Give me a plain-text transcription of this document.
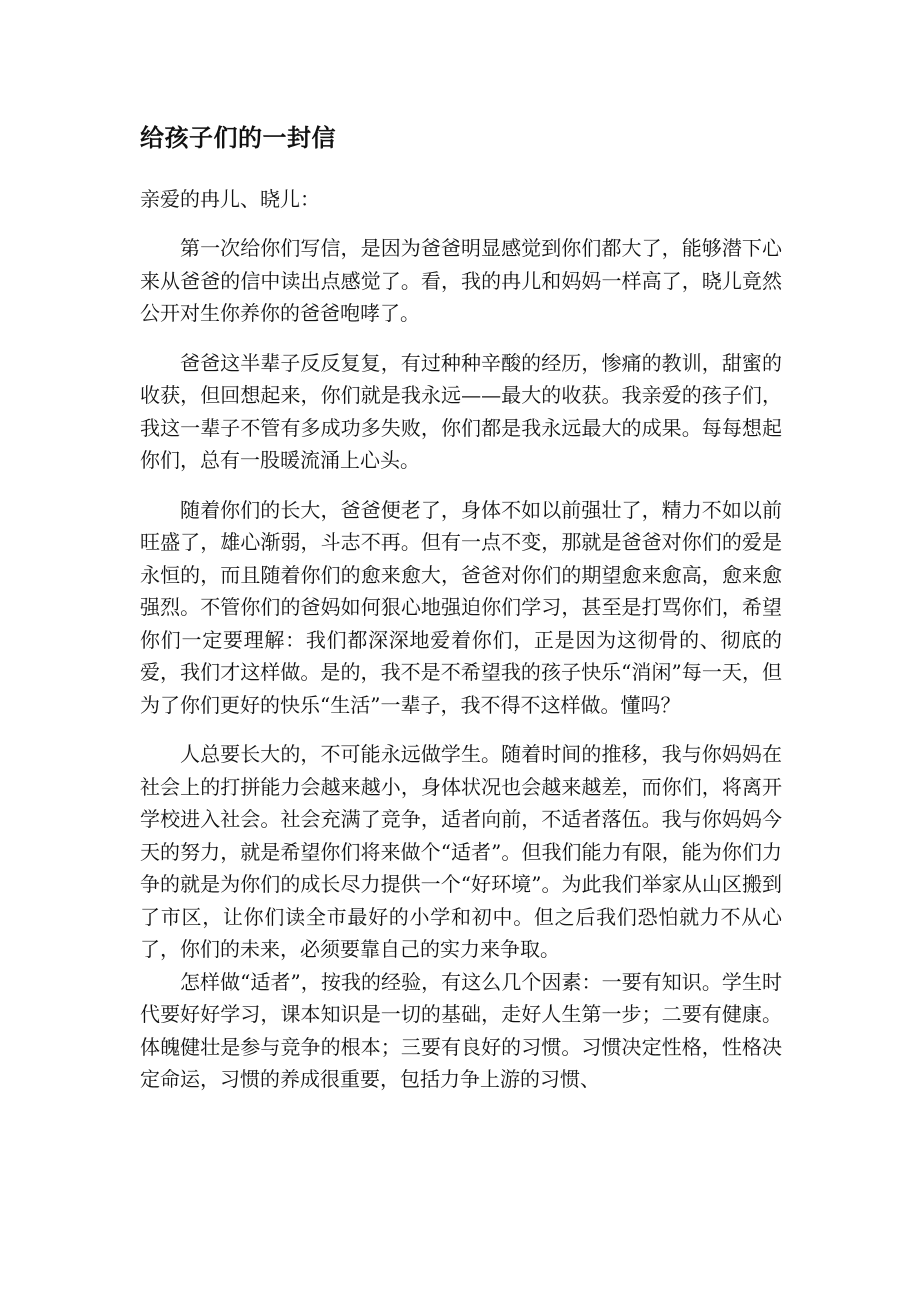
给孩子们的一封信

亲爱的冉儿、晓儿：

第一次给你们写信，是因为爸爸明显感觉到你们都大了，能够潜下心来从爸爸的信中读出点感觉了。看，我的冉儿和妈妈一样高了，晓儿竟然公开对生你养你的爸爸咆哮了。

爸爸这半辈子反反复复，有过种种辛酸的经历，惨痛的教训，甜蜜的收获，但回想起来，你们就是我永远——最大的收获。我亲爱的孩子们，我这一辈子不管有多成功多失败，你们都是我永远最大的成果。每每想起你们，总有一股暖流涌上心头。

随着你们的长大，爸爸便老了，身体不如以前强壮了，精力不如以前旺盛了，雄心渐弱，斗志不再。但有一点不变，那就是爸爸对你们的爱是永恒的，而且随着你们的愈来愈大，爸爸对你们的期望愈来愈高，愈来愈强烈。不管你们的爸妈如何狠心地强迫你们学习，甚至是打骂你们，希望你们一定要理解：我们都深深地爱着你们，正是因为这彻骨的、彻底的爱，我们才这样做。是的，我不是不希望我的孩子快乐“消闲”每一天，但为了你们更好的快乐“生活”一辈子，我不得不这样做。懂吗？

人总要长大的，不可能永远做学生。随着时间的推移，我与你妈妈在社会上的打拼能力会越来越小，身体状况也会越来越差，而你们，将离开学校进入社会。社会充满了竞争，适者向前，不适者落伍。我与你妈妈今天的努力，就是希望你们将来做个“适者”。但我们能力有限，能为你们力争的就是为你们的成长尽力提供一个“好环境”。为此我们举家从山区搬到了市区，让你们读全市最好的小学和初中。但之后我们恐怕就力不从心了，你们的未来，必须要靠自己的实力来争取。

怎样做“适者”，按我的经验，有这么几个因素：一要有知识。学生时代要好好学习，课本知识是一切的基础，走好人生第一步；二要有健康。体魄健壮是参与竞争的根本；三要有良好的习惯。习惯决定性格，性格决定命运，习惯的养成很重要，包括力争上游的习惯、
